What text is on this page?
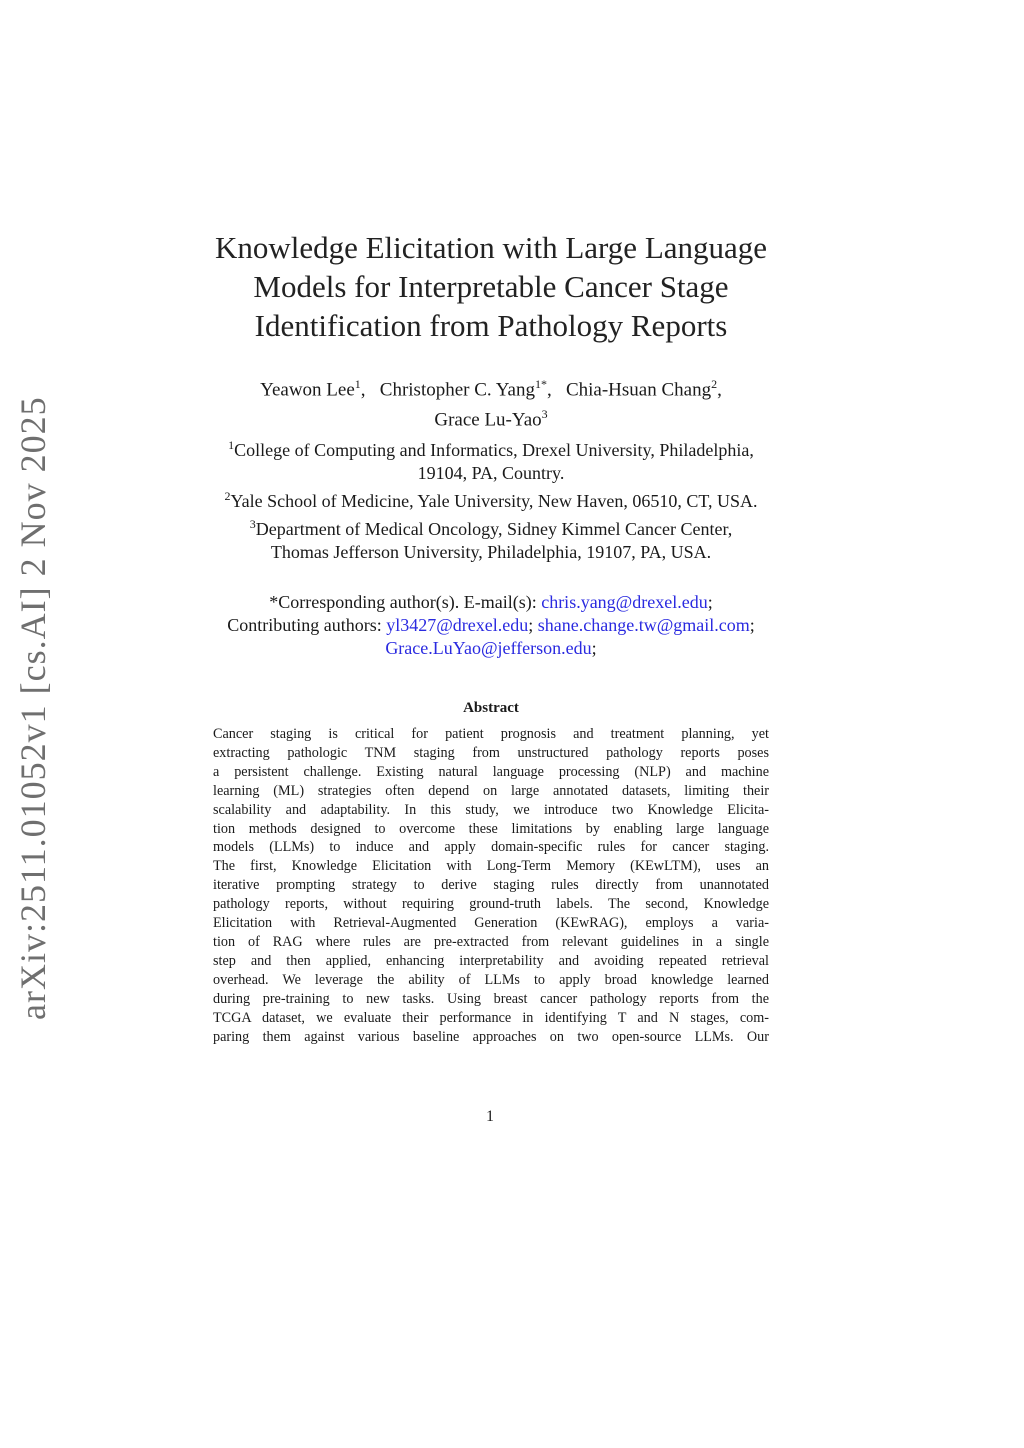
arXiv:2511.01052v1 [cs.AI] 2 Nov 2025
Knowledge Elicitation with Large Language
Models for Interpretable Cancer Stage
Identification from Pathology Reports
Yeawon Lee$^1$,   Christopher C. Yang$^{1*}$,   Chia-Hsuan Chang$^2$,
Grace Lu-Yao$^3$
$^1$College of Computing and Informatics, Drexel University, Philadelphia,
19104, PA, Country.
$^2$Yale School of Medicine, Yale University, New Haven, 06510, CT, USA.
$^3$Department of Medical Oncology, Sidney Kimmel Cancer Center,
Thomas Jefferson University, Philadelphia, 19107, PA, USA.
*Corresponding author(s). E-mail(s): chris.yang@drexel.edu;
Contributing authors: yl3427@drexel.edu; shane.change.tw@gmail.com;
Grace.LuYao@jefferson.edu;
Abstract
Cancer staging is critical for patient prognosis and treatment planning, yet
extracting pathologic TNM staging from unstructured pathology reports poses
a persistent challenge. Existing natural language processing (NLP) and machine
learning (ML) strategies often depend on large annotated datasets, limiting their
scalability and adaptability. In this study, we introduce two Knowledge Elicita-
tion methods designed to overcome these limitations by enabling large language
models (LLMs) to induce and apply domain-specific rules for cancer staging.
The first, Knowledge Elicitation with Long-Term Memory (KEwLTM), uses an
iterative prompting strategy to derive staging rules directly from unannotated
pathology reports, without requiring ground-truth labels. The second, Knowledge
Elicitation with Retrieval-Augmented Generation (KEwRAG), employs a varia-
tion of RAG where rules are pre-extracted from relevant guidelines in a single
step and then applied, enhancing interpretability and avoiding repeated retrieval
overhead. We leverage the ability of LLMs to apply broad knowledge learned
during pre-training to new tasks. Using breast cancer pathology reports from the
TCGA dataset, we evaluate their performance in identifying T and N stages, com-
paring them against various baseline approaches on two open-source LLMs. Our
1
